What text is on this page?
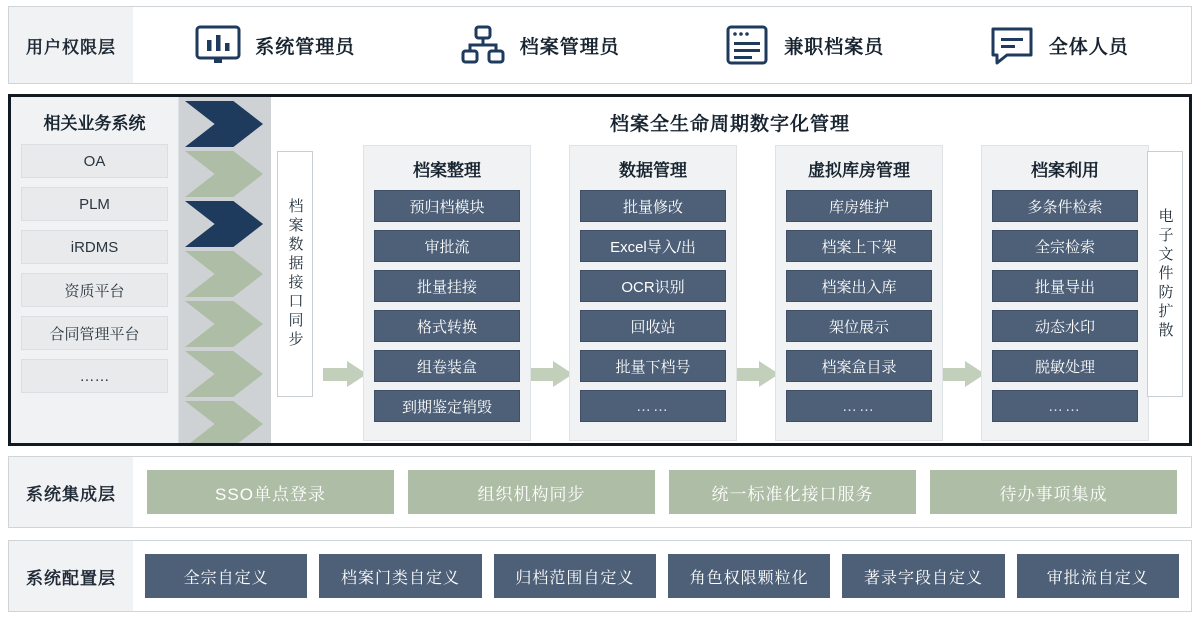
用户权限层	系统管理员	档案管理员	兼职档案员	全体人员
相关业务系统
OA
PLM
iRDMS
资质平台
合同管理平台
……
档案数据接口同步
档案全生命周期数字化管理
档案整理
预归档模块
审批流
批量挂接
格式转换
组卷装盒
到期鉴定销毁
数据管理
批量修改
Excel导入/出
OCR识别
回收站
批量下档号
……
虚拟库房管理
库房维护
档案上下架
档案出入库
架位展示
档案盒目录
……
档案利用
多条件检索
全宗检索
批量导出
动态水印
脱敏处理
……
电子文件防扩散
系统集成层	SSO单点登录	组织机构同步	统一标准化接口服务	待办事项集成
系统配置层	全宗自定义	档案门类自定义	归档范围自定义	角色权限颗粒化	著录字段自定义	审批流自定义
